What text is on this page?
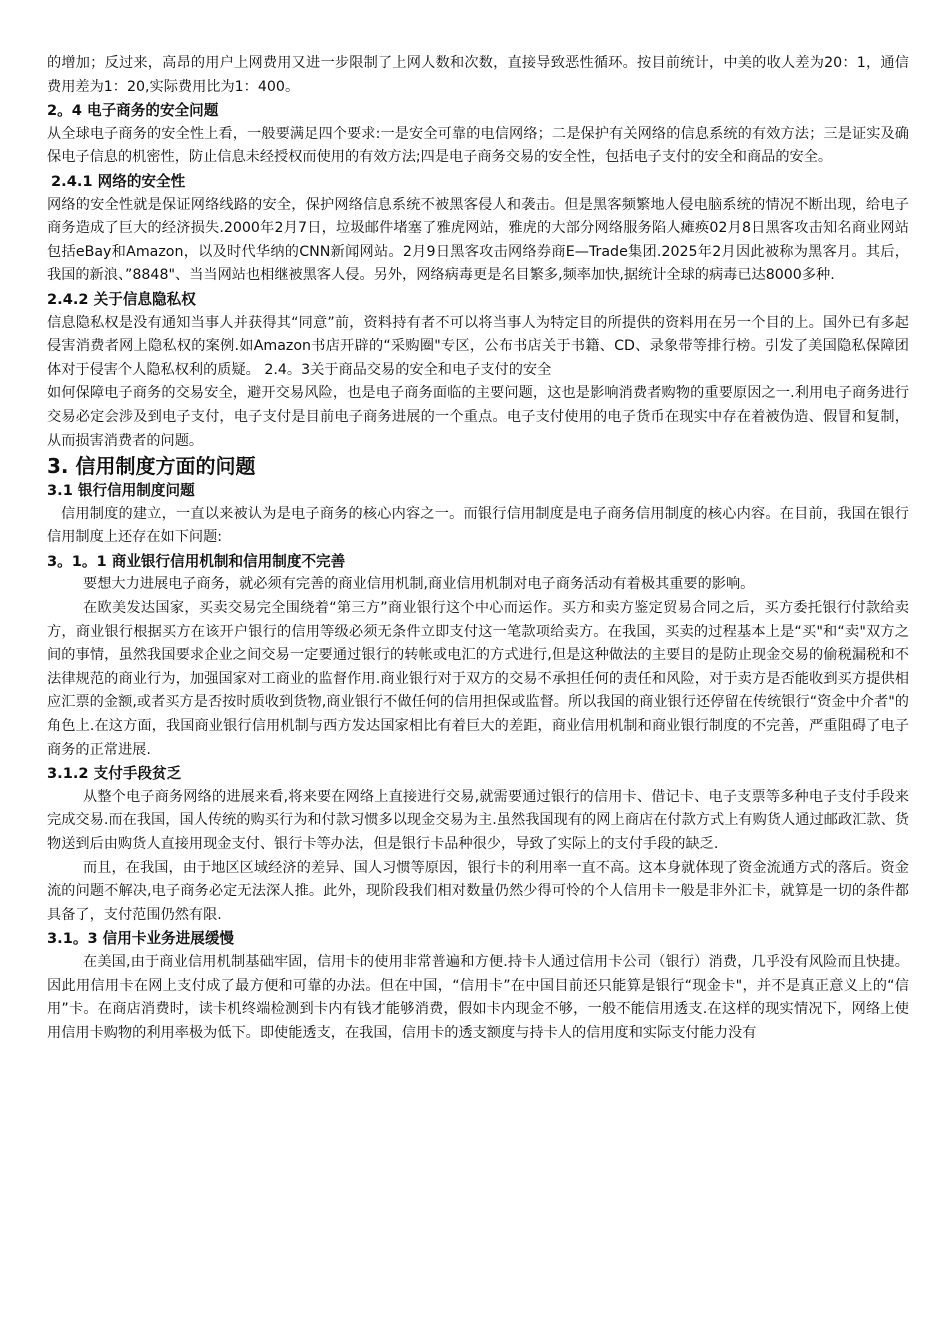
的增加；反过来，高昂的用户上网费用又进一步限制了上网人数和次数，直接导致恶性循环。按目前统计，中美的收人差为20：1，通信费用差为1：20,实际费用比为1：400。

2。4 电子商务的安全问题

从全球电子商务的安全性上看，一般要满足四个要求:一是安全可靠的电信网络；二是保护有关网络的信息系统的有效方法；三是证实及确保电子信息的机密性，防止信息未经授权而使用的有效方法;四是电子商务交易的安全性，包括电子支付的安全和商品的安全。

2.4.1 网络的安全性

网络的安全性就是保证网络线路的安全，保护网络信息系统不被黑客侵人和袭击。但是黑客频繁地人侵电脑系统的情况不断出现，给电子商务造成了巨大的经济损失.2000年2月7日，垃圾邮件堵塞了雅虎网站，雅虎的大部分网络服务陷人瘫痪02月8日黑客攻击知名商业网站包括eBay和Amazon，以及时代华纳的CNN新闻网站。2月9日黑客攻击网络券商E—Trade集团.2025年2月因此被称为黑客月。其后，我国的新浪、”8848"、当当网站也相继被黑客人侵。另外，网络病毒更是名目繁多,频率加快,据统计全球的病毒已达8000多种.

2.4.2 关于信息隐私权

信息隐私权是没有通知当事人并获得其“同意”前，资料持有者不可以将当事人为特定目的所提供的资料用在另一个目的上。国外已有多起侵害消费者网上隐私权的案例.如Amazon书店开辟的“采购圈"专区，公布书店关于书籍、CD、录象带等排行榜。引发了美国隐私保障团体对于侵害个人隐私权利的质疑。 2.4。3关于商品交易的安全和电子支付的安全

如何保障电子商务的交易安全，避开交易风险，也是电子商务面临的主要问题，这也是影响消费者购物的重要原因之一.利用电子商务进行交易必定会涉及到电子支付，电子支付是目前电子商务进展的一个重点。电子支付使用的电子货币在现实中存在着被伪造、假冒和复制，从而损害消费者的问题。

3. 信用制度方面的问题

3.1 银行信用制度问题

信用制度的建立，一直以来被认为是电子商务的核心内容之一。而银行信用制度是电子商务信用制度的核心内容。在目前，我国在银行信用制度上还存在如下问题:

3。1。1 商业银行信用机制和信用制度不完善

要想大力进展电子商务，就必须有完善的商业信用机制,商业信用机制对电子商务活动有着极其重要的影响。

在欧美发达国家，买卖交易完全围绕着“第三方”商业银行这个中心而运作。买方和卖方鉴定贸易合同之后，买方委托银行付款给卖方，商业银行根据买方在该开户银行的信用等级必须无条件立即支付这一笔款项给卖方。在我国，买卖的过程基本上是“买"和“卖"双方之间的事情，虽然我国要求企业之间交易一定要通过银行的转帐或电汇的方式进行,但是这种做法的主要目的是防止现金交易的偷税漏税和不法律规范的商业行为，加强国家对工商业的监督作用.商业银行对于双方的交易不承担任何的责任和风险，对于卖方是否能收到买方提供相应汇票的金额,或者买方是否按时质收到货物,商业银行不做任何的信用担保或监督。所以我国的商业银行还停留在传统银行“资金中介者"的角色上.在这方面，我国商业银行信用机制与西方发达国家相比有着巨大的差距，商业信用机制和商业银行制度的不完善，严重阻碍了电子商务的正常进展.

3.1.2 支付手段贫乏

从整个电子商务网络的进展来看,将来要在网络上直接进行交易,就需要通过银行的信用卡、借记卡、电子支票等多种电子支付手段来完成交易.而在我国，国人传统的购买行为和付款习惯多以现金交易为主.虽然我国现有的网上商店在付款方式上有购货人通过邮政汇款、货物送到后由购货人直接用现金支付、银行卡等办法，但是银行卡品种很少，导致了实际上的支付手段的缺乏.

而且，在我国，由于地区区域经济的差异、国人习惯等原因，银行卡的利用率一直不高。这本身就体现了资金流通方式的落后。资金流的问题不解决,电子商务必定无法深人推。此外，现阶段我们相对数量仍然少得可怜的个人信用卡一般是非外汇卡，就算是一切的条件都具备了，支付范围仍然有限.

3.1。3 信用卡业务进展缓慢

在美国,由于商业信用机制基础牢固，信用卡的使用非常普遍和方便.持卡人通过信用卡公司（银行）消费，几乎没有风险而且快捷。因此用信用卡在网上支付成了最方便和可靠的办法。但在中国，“信用卡”在中国目前还只能算是银行“现金卡"，并不是真正意义上的“信用”卡。在商店消费时，读卡机终端检测到卡内有钱才能够消费，假如卡内现金不够，一般不能信用透支.在这样的现实情况下，网络上使用信用卡购物的利用率极为低下。即使能透支，在我国，信用卡的透支额度与持卡人的信用度和实际支付能力没有
